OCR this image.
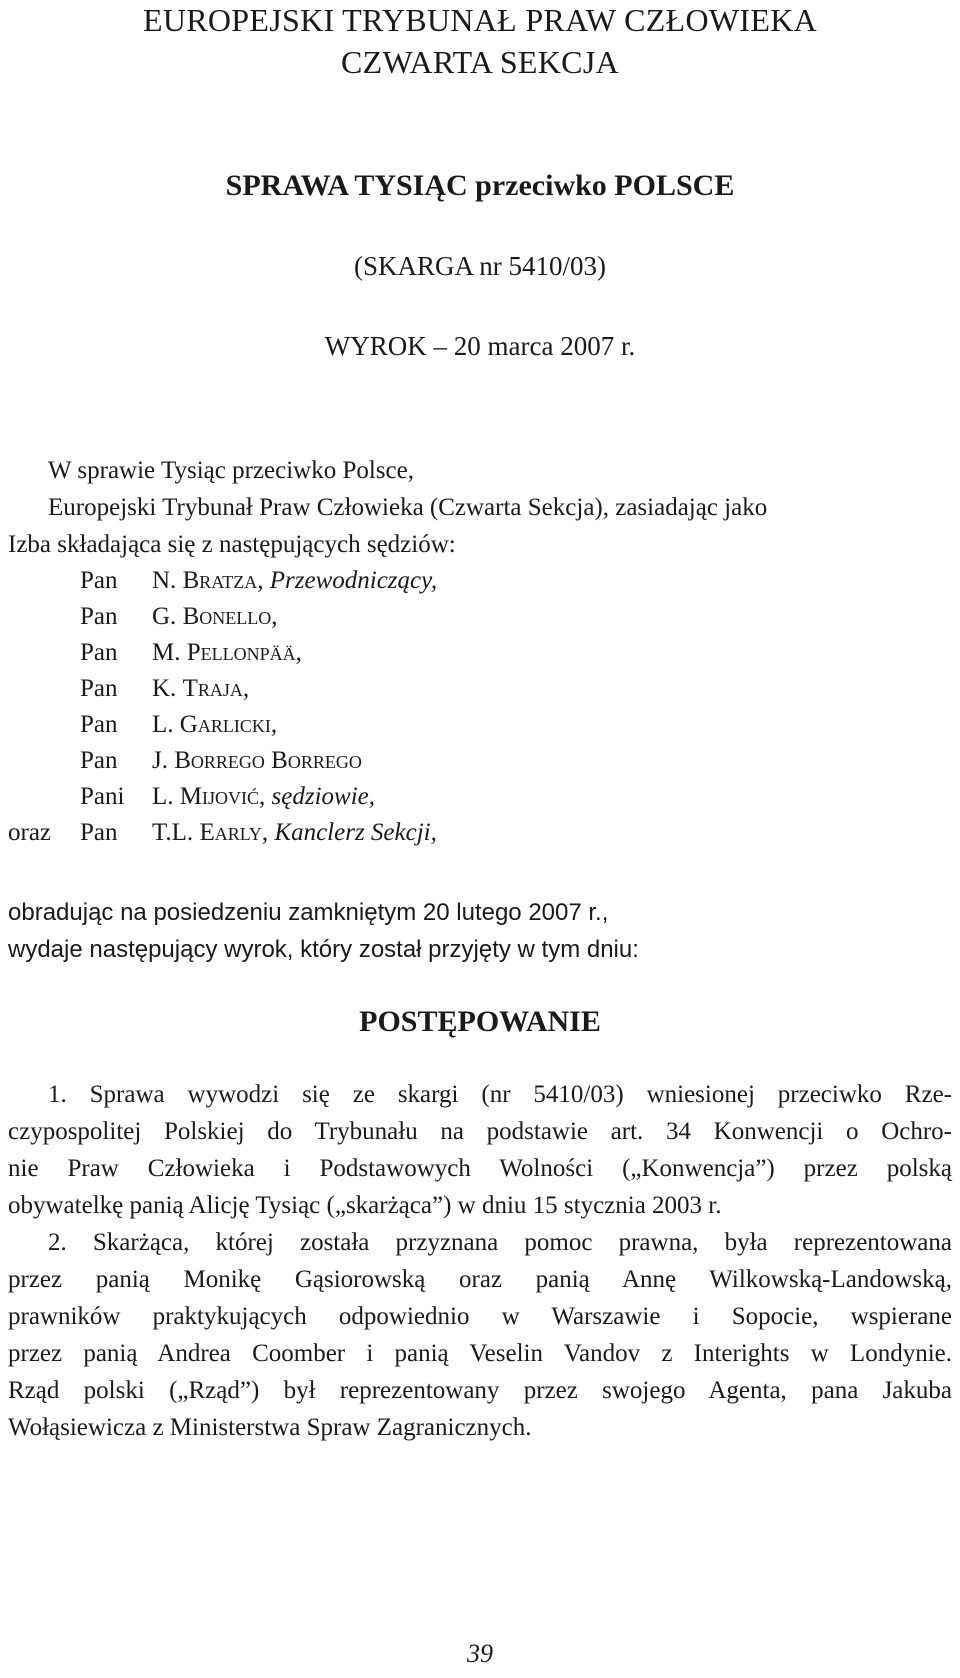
EUROPEJSKI TRYBUNAŁ PRAW CZŁOWIEKA
CZWARTA SEKCJA
SPRAWA TYSIĄC przeciwko POLSCE
(SKARGA nr 5410/03)
WYROK – 20 marca 2007 r.
W sprawie Tysiąc przeciwko Polsce,
Europejski Trybunał Praw Człowieka (Czwarta Sekcja), zasiadając jako
Izba składająca się z następujących sędziów:
Pan N. Bratza, Przewodniczący,
Pan G. Bonello,
Pan M. Pellonpää,
Pan K. Traja,
Pan L. Garlicki,
Pan J. Borrego Borrego
Pani L. Mijović, sędziowie,
oraz Pan T.L. Early, Kanclerz Sekcji,
obradując na posiedzeniu zamkniętym 20 lutego 2007 r.,
wydaje następujący wyrok, który został przyjęty w tym dniu:
POSTĘPOWANIE
1. Sprawa wywodzi się ze skargi (nr 5410/03) wniesionej przeciwko Rze-
czypospolitej Polskiej do Trybunału na podstawie art. 34 Konwencji o Ochro-
nie Praw Człowieka i Podstawowych Wolności („Konwencja”) przez polską
obywatelkę panią Alicję Tysiąc („skarżąca”) w dniu 15 stycznia 2003 r.
2. Skarżąca, której została przyznana pomoc prawna, była reprezentowana
przez panią Monikę Gąsiorowską oraz panią Annę Wilkowską-Landowską,
prawników praktykujących odpowiednio w Warszawie i Sopocie, wspierane
przez panią Andrea Coomber i panią Veselin Vandov z Interights w Londynie.
Rząd polski („Rząd”) był reprezentowany przez swojego Agenta, pana Jakuba
Wołąsiewicza z Ministerstwa Spraw Zagranicznych.
39
